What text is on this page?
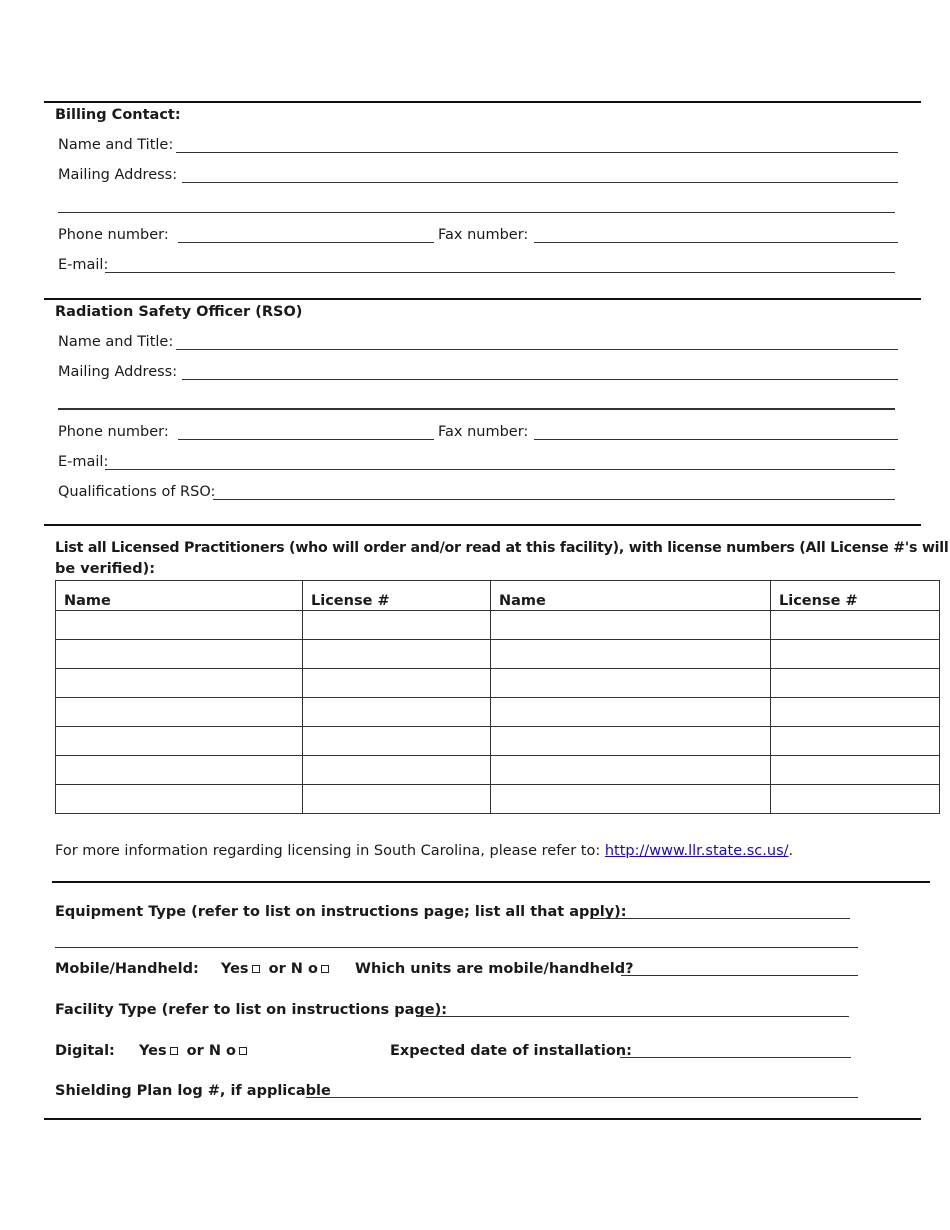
Billing Contact:
Name and Title:
Mailing Address:
Phone number:	Fax number:
E-mail:
Radiation Safety Officer (RSO)
Name and Title:
Mailing Address:
Phone number:	Fax number:
E-mail:
Qualifications of RSO:
List all Licensed Practitioners (who will order and/or read at this facility), with license numbers (All License #'s will
be verified):
Name	License #	Name	License #

For more information regarding licensing in South Carolina, please refer to: http://www.llr.state.sc.us/.
Equipment Type (refer to list on instructions page; list all that apply):
Mobile/Handheld: Yes or N o	Which units are mobile/handheld?
Facility Type (refer to list on instructions page):
Digital: Yes or N o	Expected date of installation:
Shielding Plan log #, if applicable
